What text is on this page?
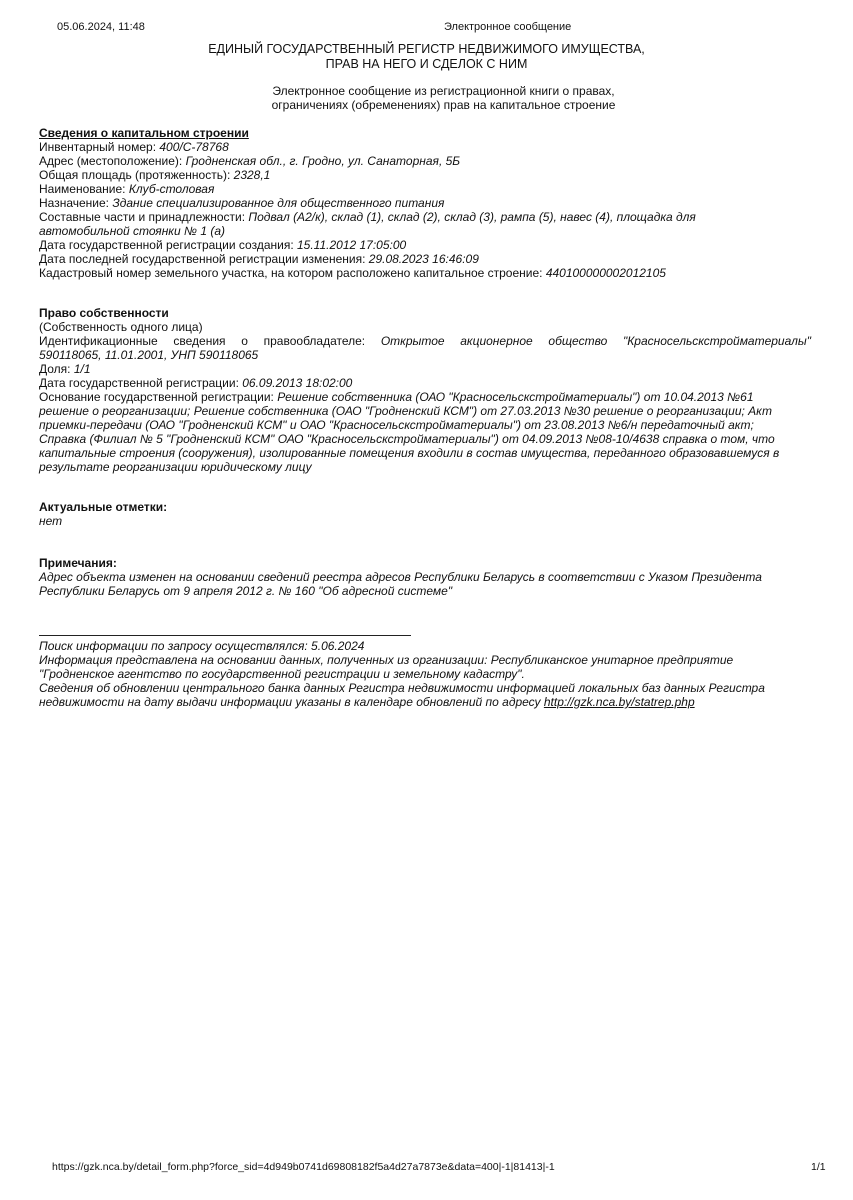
05.06.2024, 11:48	Электронное сообщение
ЕДИНЫЙ ГОСУДАРСТВЕННЫЙ РЕГИСТР НЕДВИЖИМОГО ИМУЩЕСТВА,
ПРАВ НА НЕГО И СДЕЛОК С НИМ
Электронное сообщение из регистрационной книги о правах,
ограничениях (обременениях) прав на капитальное строение
Сведения о капитальном строении
Инвентарный номер: 400/С-78768
Адрес (местоположение): Гродненская обл., г. Гродно, ул. Санаторная, 5Б
Общая площадь (протяженность): 2328,1
Наименование: Клуб-столовая
Назначение: Здание специализированное для общественного питания
Составные части и принадлежности: Подвал (А2/к), склад (1), склад (2), склад (3), рампа (5), навес (4), площадка для
автомобильной стоянки № 1 (а)
Дата государственной регистрации создания: 15.11.2012 17:05:00
Дата последней государственной регистрации изменения: 29.08.2023 16:46:09
Кадастровый номер земельного участка, на котором расположено капитальное строение: 440100000002012105
Право собственности
(Собственность одного лица)
Идентификационные сведения о правообладателе: Открытое акционерное общество "Красносельскстройматериалы"
590118065, 11.01.2001, УНП 590118065
Доля: 1/1
Дата государственной регистрации: 06.09.2013 18:02:00
Основание государственной регистрации: Решение собственника (ОАО "Красносельскстройматериалы") от 10.04.2013 №61
решение о реорганизации; Решение собственника (ОАО "Гродненский КСМ") от 27.03.2013 №30 решение о реорганизации; Акт
приемки-передачи (ОАО "Гродненский КСМ" и ОАО "Красносельскстройматериалы") от 23.08.2013 №6/н передаточный акт;
Справка (Филиал № 5 "Гродненский КСМ" ОАО "Красносельскстройматериалы") от 04.09.2013 №08-10/4638 справка о том, что
капитальные строения (сооружения), изолированные помещения входили в состав имущества, переданного образовавшемуся в
результате реорганизации юридическому лицу
Актуальные отметки:
нет
Примечания:
Адрес объекта изменен на основании сведений реестра адресов Республики Беларусь в соответствии с Указом Президента
Республики Беларусь от 9 апреля 2012 г. № 160 "Об адресной системе"
Поиск информации по запросу осуществлялся: 5.06.2024
Информация представлена на основании данных, полученных из организации: Республиканское унитарное предприятие
"Гродненское агентство по государственной регистрации и земельному кадастру".
Сведения об обновлении центрального банка данных Регистра недвижимости информацией локальных баз данных Регистра
недвижимости на дату выдачи информации указаны в календаре обновлений по адресу http://gzk.nca.by/statrep.php
https://gzk.nca.by/detail_form.php?force_sid=4d949b0741d69808182f5a4d27a7873e&data=400|-1|81413|-1	1/1
